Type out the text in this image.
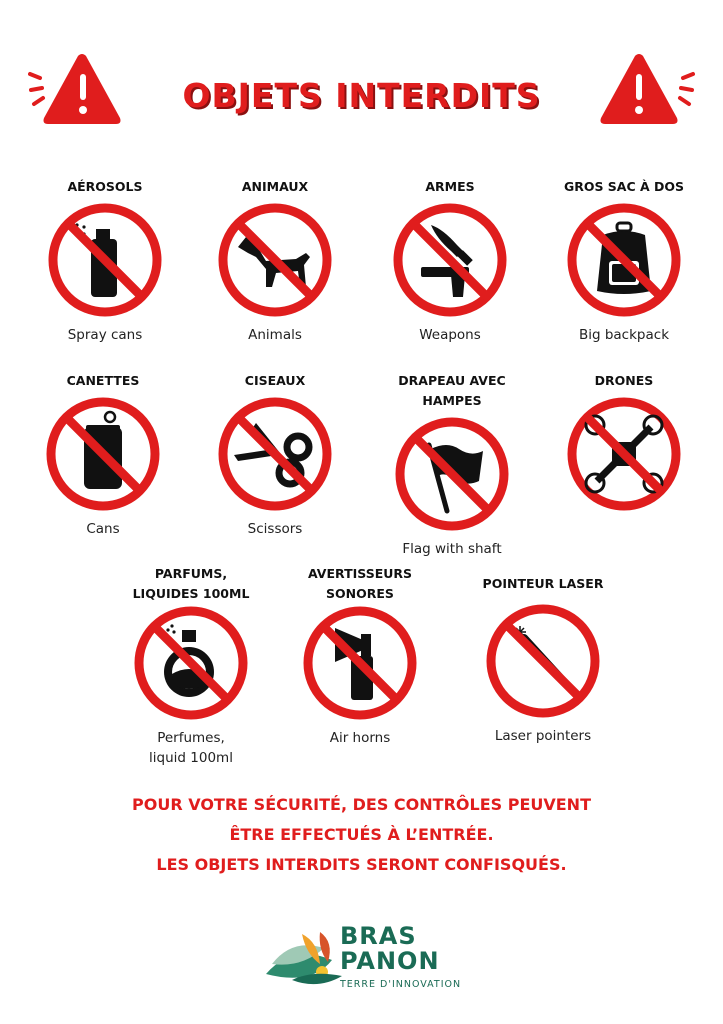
OBJETS INTERDITS
AÉROSOLS
Spray cans
ANIMAUX
Animals
ARMES
Weapons
GROS SAC À DOS
Big backpack
CANETTES
Cans
CISEAUX
Scissors
DRAPEAU AVEC HAMPES
Flag with shaft
DRONES
PARFUMS,
LIQUIDES 100ML
Perfumes,
liquid 100ml
AVERTISSEURS
SONORES
Air horns
POINTEUR LASER
Laser pointers
POUR VOTRE SÉCURITÉ, DES CONTRÔLES PEUVENT
ÊTRE EFFECTUÉS À L’ENTRÉE.
LES OBJETS INTERDITS SERONT CONFISQUÉS.
BRAS
PANON
TERRE D'INNOVATION
